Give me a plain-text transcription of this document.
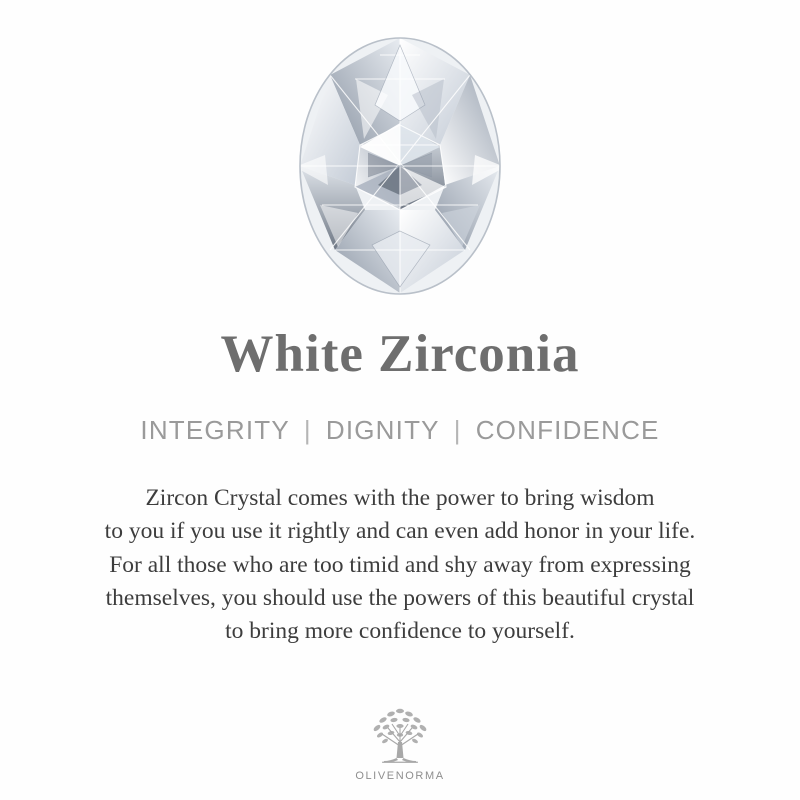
White Zirconia
INTEGRITY | DIGNITY | CONFIDENCE
Zircon Crystal comes with the power to bring wisdom
to you if you use it rightly and can even add honor in your life.
For all those who are too timid and shy away from expressing
themselves, you should use the powers of this beautiful crystal
to bring more confidence to yourself.
OLIVENORMA
